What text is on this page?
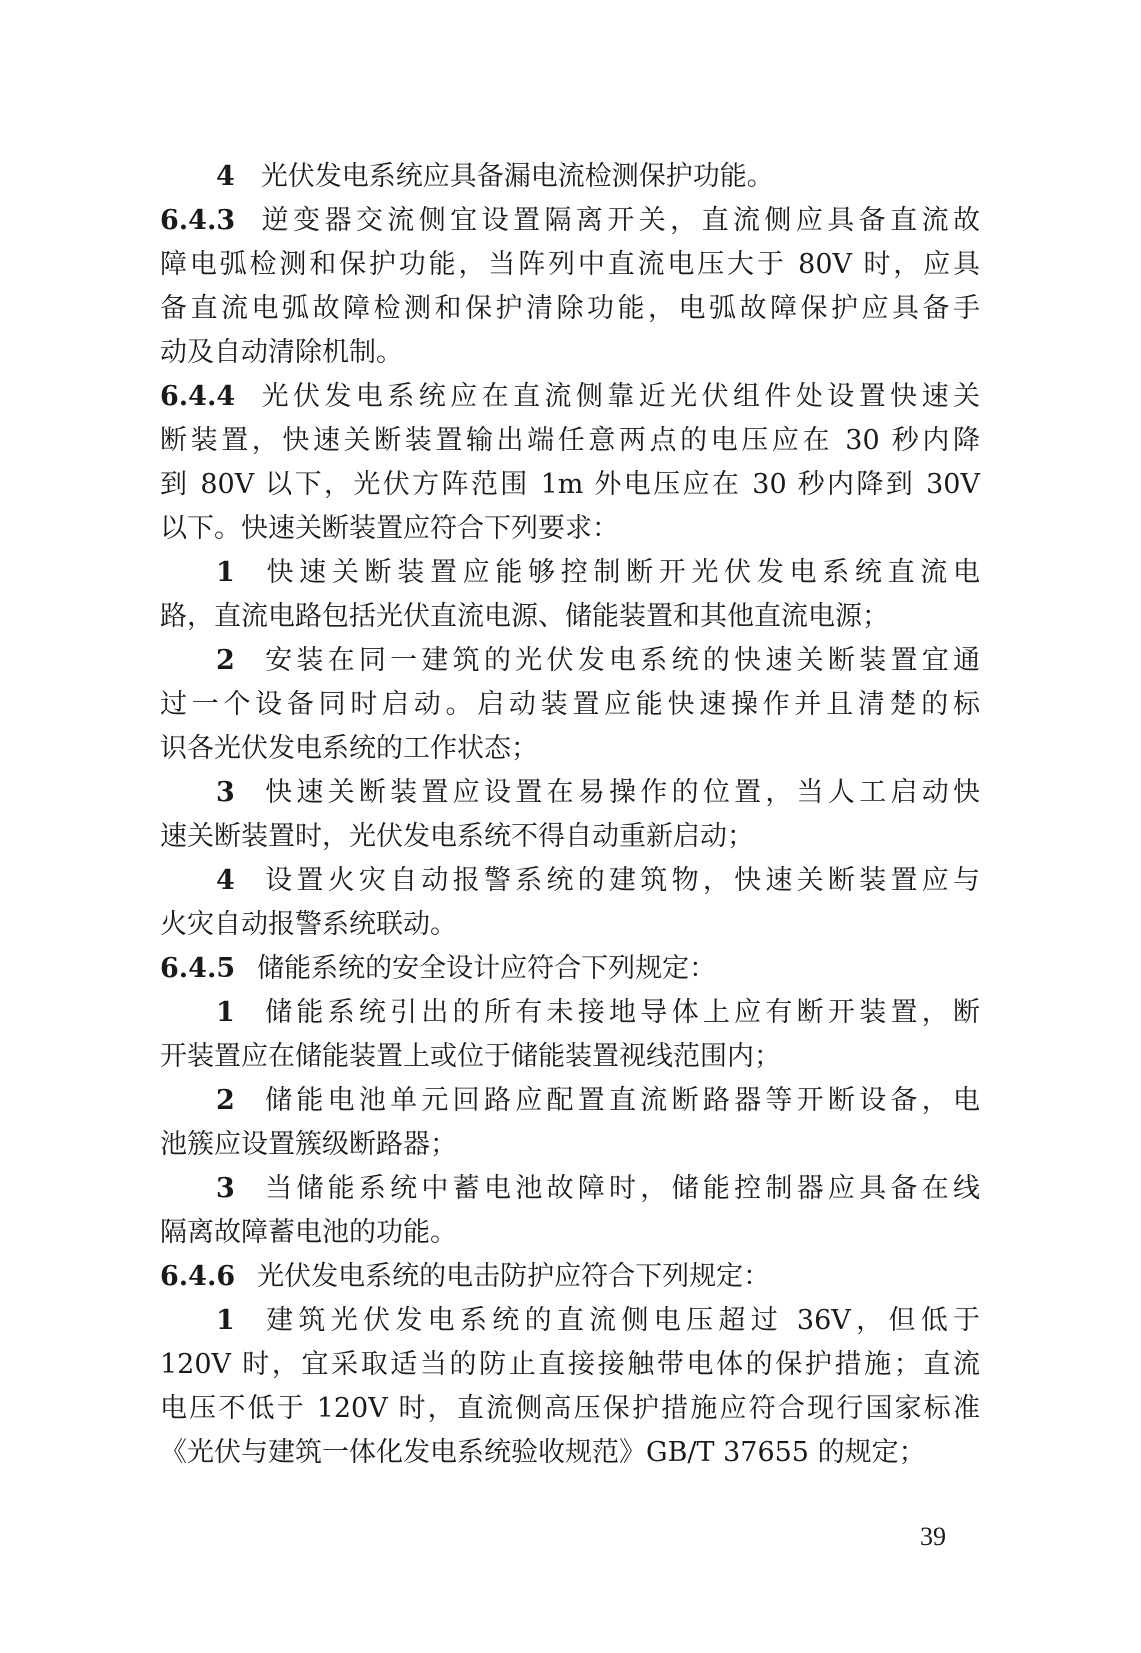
4 光伏发电系统应具备漏电流检测保护功能。
6.4.3 逆变器交流侧宜设置隔离开关，直流侧应具备直流故
障电弧检测和保护功能，当阵列中直流电压大于 80V 时，应具
备直流电弧故障检测和保护清除功能，电弧故障保护应具备手
动及自动清除机制。
6.4.4 光伏发电系统应在直流侧靠近光伏组件处设置快速关
断装置，快速关断装置输出端任意两点的电压应在 30 秒内降
到 80V 以下，光伏方阵范围 1m 外电压应在 30 秒内降到 30V
以下。快速关断装置应符合下列要求：
1 快速关断装置应能够控制断开光伏发电系统直流电
路，直流电路包括光伏直流电源、储能装置和其他直流电源；
2 安装在同一建筑的光伏发电系统的快速关断装置宜通
过一个设备同时启动。启动装置应能快速操作并且清楚的标
识各光伏发电系统的工作状态；
3 快速关断装置应设置在易操作的位置，当人工启动快
速关断装置时，光伏发电系统不得自动重新启动；
4 设置火灾自动报警系统的建筑物，快速关断装置应与
火灾自动报警系统联动。
6.4.5 储能系统的安全设计应符合下列规定：
1 储能系统引出的所有未接地导体上应有断开装置，断
开装置应在储能装置上或位于储能装置视线范围内；
2 储能电池单元回路应配置直流断路器等开断设备，电
池簇应设置簇级断路器；
3 当储能系统中蓄电池故障时，储能控制器应具备在线
隔离故障蓄电池的功能。
6.4.6 光伏发电系统的电击防护应符合下列规定：
1 建筑光伏发电系统的直流侧电压超过 36V，但低于
120V 时，宜采取适当的防止直接接触带电体的保护措施；直流
电压不低于 120V 时，直流侧高压保护措施应符合现行国家标准
《光伏与建筑一体化发电系统验收规范》GB/T 37655 的规定；
39
